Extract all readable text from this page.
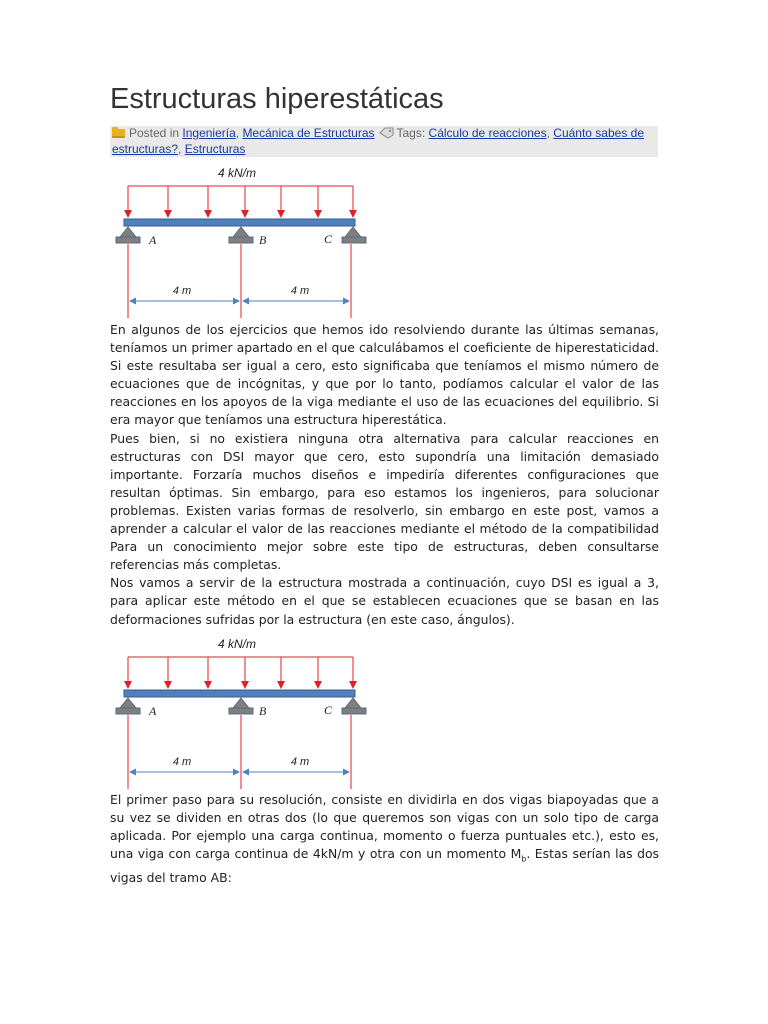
Estructuras hiperestáticas
Posted in Ingeniería, Mecánica de Estructuras Tags: Cálculo de reacciones, Cuánto sabes de estructuras?, Estructuras
4 kN/m
A	B	C
4 m	4 m

En algunos de los ejercicios que hemos ido resolviendo durante las últimas semanas, teníamos un primer apartado en el que calculábamos el coeficiente de hiperestaticidad. Si este resultaba ser igual a cero, esto significaba que teníamos el mismo número de ecuaciones que de incógnitas, y que por lo tanto, podíamos calcular el valor de las reacciones en los apoyos de la viga mediante el uso de las ecuaciones del equilibrio. Si era mayor que teníamos una estructura hiperestática.

Pues bien, si no existiera ninguna otra alternativa para calcular reacciones en estructuras con DSI mayor que cero, esto supondría una limitación demasiado importante. Forzaría muchos diseños e impediría diferentes configuraciones que resultan óptimas. Sin embargo, para eso estamos los ingenieros, para solucionar problemas. Existen varias formas de resolverlo, sin embargo en este post, vamos a aprender a calcular el valor de las reacciones mediante el método de la compatibilidad Para un conocimiento mejor sobre este tipo de estructuras, deben consultarse referencias más completas.

Nos vamos a servir de la estructura mostrada a continuación, cuyo DSI es igual a 3, para aplicar este método en el que se establecen ecuaciones que se basan en las deformaciones sufridas por la estructura (en este caso, ángulos).

4 kN/m
A	B	C
4 m	4 m

El primer paso para su resolución, consiste en dividirla en dos vigas biapoyadas que a su vez se dividen en otras dos (lo que queremos son vigas con un solo tipo de carga aplicada. Por ejemplo una carga continua, momento o fuerza puntuales etc.), esto es, una viga con carga continua de 4kN/m y otra con un momento $M_b$. Estas serían las dos vigas del tramo AB:
